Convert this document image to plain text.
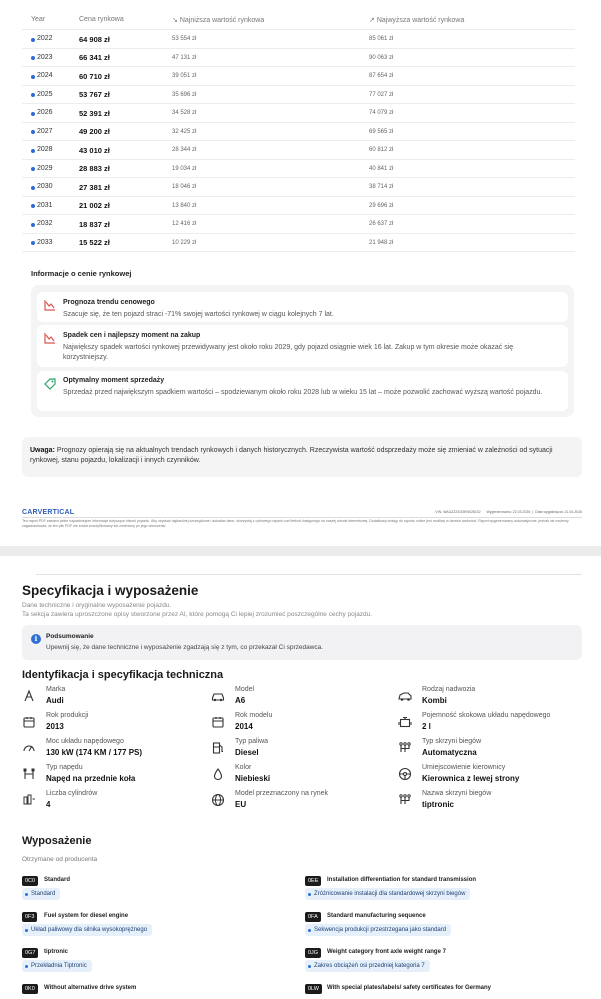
Year	Cena rynkowa	↘ Najniższa wartość rynkowa	↗ Najwyższa wartość rynkowa
2022	64 908 zł	53 554 zł	85 061 zł
2023	66 341 zł	47 131 zł	90 063 zł
2024	60 710 zł	39 051 zł	87 654 zł
2025	53 767 zł	35 696 zł	77 027 zł
2026	52 391 zł	34 528 zł	74 079 zł
2027	49 200 zł	32 425 zł	69 565 zł
2028	43 010 zł	28 344 zł	60 812 zł
2029	28 883 zł	19 034 zł	40 841 zł
2030	27 381 zł	18 046 zł	38 714 zł
2031	21 002 zł	13 840 zł	29 696 zł
2032	18 837 zł	12 416 zł	26 637 zł
2033	15 522 zł	10 229 zł	21 948 zł
Informacje o cenie rynkowej
Prognoza trendu cenowego
Szacuje się, że ten pojazd straci -71% swojej wartości rynkowej w ciągu kolejnych 7 lat.
Spadek cen i najlepszy moment na zakup
Największy spadek wartości rynkowej przewidywany jest około roku 2029, gdy pojazd osiągnie wiek 16 lat. Zakup w tym okresie może okazać się korzystniejszy.
Optymalny moment sprzedaży
Sprzedaż przed największym spadkiem wartości – spodziewanym około roku 2028 lub w wieku 15 lat – może pozwolić zachować wyższą wartość pojazdu.
Uwaga: Prognozy opierają się na aktualnych trendach rynkowych i danych historycznych. Rzeczywista wartość odsprzedaży może się zmieniać w zależności od sytuacji rynkowej, stanu pojazdu, lokalizacji i innych czynników.
CARVERTICAL	VIN: WAUZZZ4G0EN028102 Wygenerowano: 22.03.2026  |  Data wygaśnięcia: 21.04.2026
Ten raport PDF zawiera pełne najważniejsze informacje dotyczące historii pojazdu. Aby uzyskać najbardziej szczegółowe i aktualne dane, skorzystaj z cyfrowego raportu carVertical dostępnego na naszej stronie internetowej. Dodatkowy dostęp do raportu online jest możliwy w okresie ważności. Raport wygenerowany automatycznie, jednak nie możemy zagwarantować, że ten plik PDF nie został zmodyfikowany lub zmieniony po jego utworzeniu.
Specyfikacja i wyposażenie
Dane techniczne i oryginalne wyposażenie pojazdu.
Ta sekcja zawiera uproszczone opisy stworzone przez AI, które pomogą Ci lepiej zrozumieć poszczególne cechy pojazdu.
i	Podsumowanie
Upewnij się, że dane techniczne i wyposażenie zgadzają się z tym, co przekazał Ci sprzedawca.
Identyfikacja i specyfikacja techniczna
Marka
Audi
Model
A6
Rodzaj nadwozia
Kombi
Rok produkcji
2013
Rok modelu
2014
Pojemność skokowa układu napędowego
2 l
Moc układu napędowego
130 kW (174 KM / 177 PS)
Typ paliwa
Diesel
Typ skrzyni biegów
Automatyczna
Typ napędu
Napęd na przednie koła
Kolor
Niebieski
Umiejscowienie kierownicy
Kierownica z lewej strony
Liczba cylindrów
4
Model przeznaczony na rynek
EU
Nazwa skrzyni biegów
tiptronic
Wyposażenie
Otrzymane od producenta
0C0	Standard
Standard
0EE	Installation differentiation for standard transmission
Zróżnicowanie instalacji dla standardowej skrzyni biegów
0F3	Fuel system for diesel engine
Układ paliwowy dla silnika wysokoprężnego
0FA	Standard manufacturing sequence
Sekwencja produkcji przestrzegana jako standard
0G7	tiptronic
Przekładnia Tiptronic
0JG	Weight category front axle weight range 7
Zakres obciążeń osi przedniej kategoria 7
0K0	Without alternative drive system	0LW	With special plates/labels/ safety certificates for Germany
